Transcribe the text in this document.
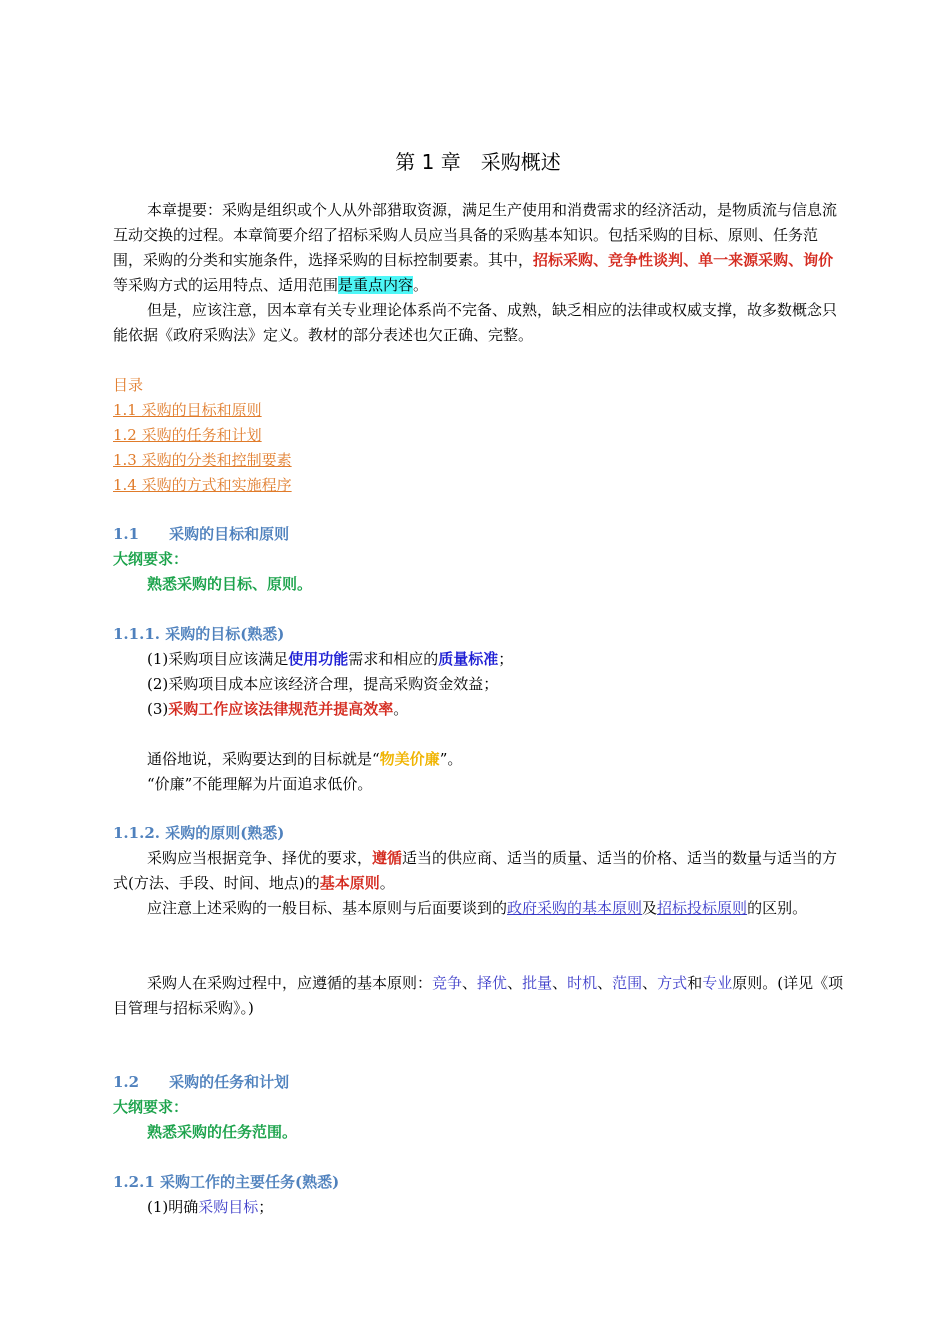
第 1 章　采购概述
本章提要：采购是组织或个人从外部猎取资源，满足生产使用和消费需求的经济活动，是物质流与信息流互动交换的过程。本章简要介绍了招标采购人员应当具备的采购基本知识。包括采购的目标、原则、任务范围，采购的分类和实施条件，选择采购的目标控制要素。其中，招标采购、竞争性谈判、单一来源采购、询价等采购方式的运用特点、适用范围是重点内容。
但是，应该注意，因本章有关专业理论体系尚不完备、成熟，缺乏相应的法律或权威支撑，故多数概念只能依据《政府采购法》定义。教材的部分表述也欠正确、完整。
目录
1.1 采购的目标和原则
1.2 采购的任务和计划
1.3 采购的分类和控制要素
1.4 采购的方式和实施程序
1.1 采购的目标和原则
大纲要求：
熟悉采购的目标、原则。
1.1.1. 采购的目标(熟悉)
(1)采购项目应该满足使用功能需求和相应的质量标准；
(2)采购项目成本应该经济合理，提高采购资金效益；
(3)采购工作应该法律规范并提高效率。
通俗地说，采购要达到的目标就是“物美价廉”。
“价廉”不能理解为片面追求低价。
1.1.2. 采购的原则(熟悉)
采购应当根据竞争、择优的要求，遵循适当的供应商、适当的质量、适当的价格、适当的数量与适当的方式(方法、手段、时间、地点)的基本原则。
应注意上述采购的一般目标、基本原则与后面要谈到的政府采购的基本原则及招标投标原则的区别。
采购人在采购过程中，应遵循的基本原则：竞争、择优、批量、时机、范围、方式和专业原则。(详见《项目管理与招标采购》。)
1.2 采购的任务和计划
大纲要求：
熟悉采购的任务范围。
1.2.1 采购工作的主要任务(熟悉)
(1)明确采购目标；
